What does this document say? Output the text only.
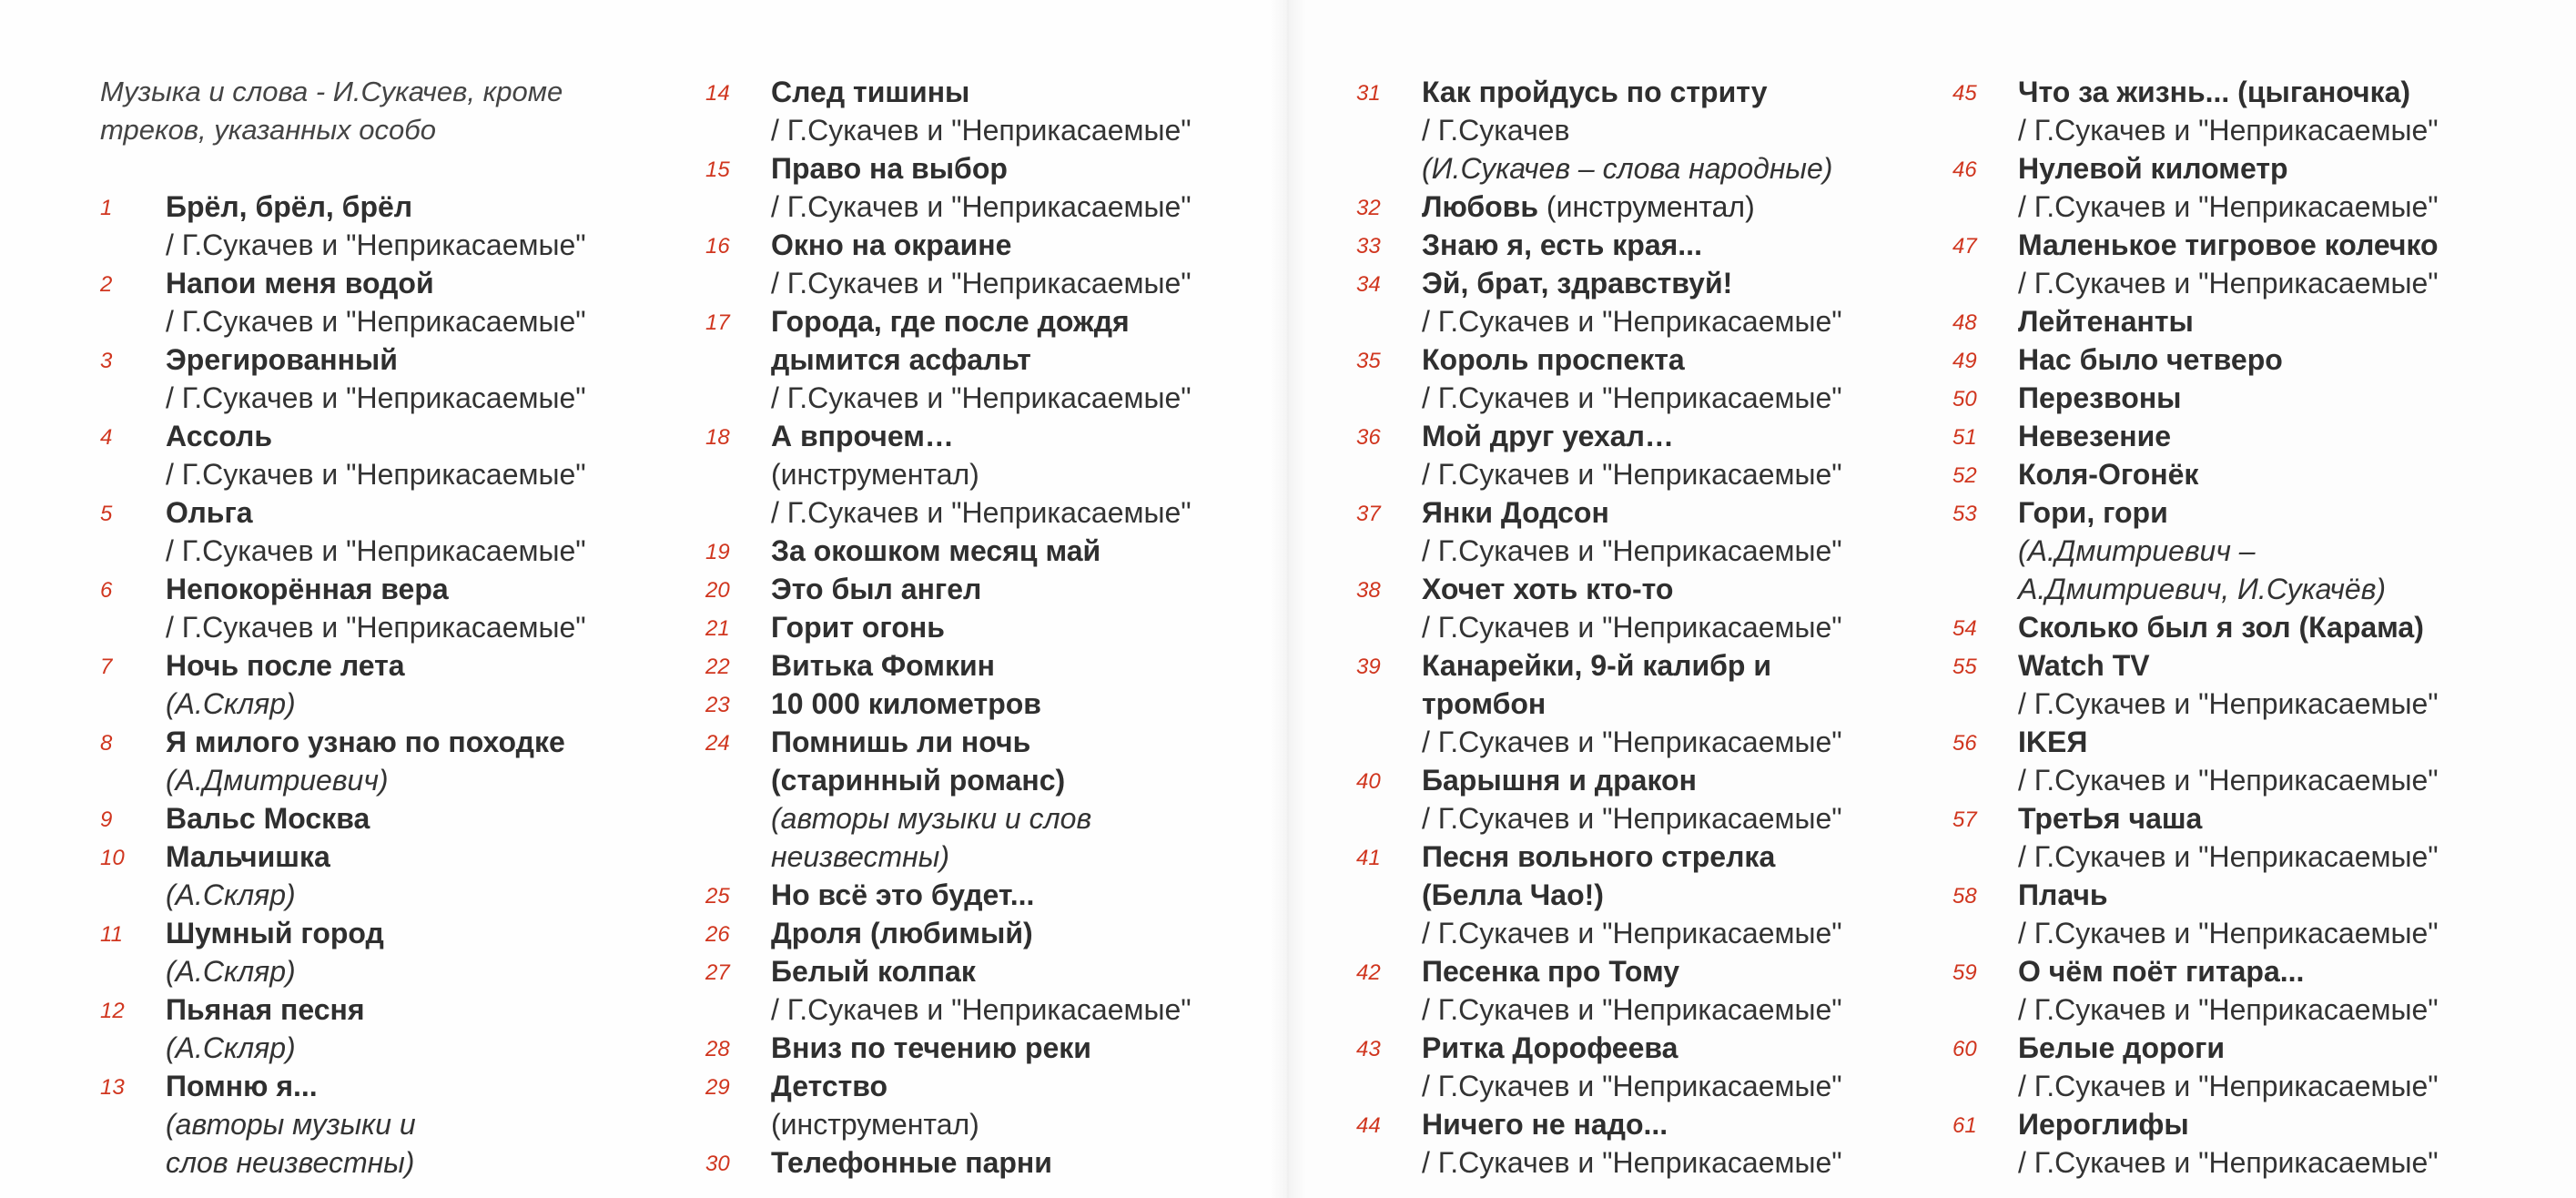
Музыка и слова - И.Сукачев, кроме треков, указанных особо
1 Брёл, брёл, брёл
/ Г.Сукачев и "Неприкасаемые"
2 Напои меня водой
/ Г.Сукачев и "Неприкасаемые"
3 Эрегированный
/ Г.Сукачев и "Неприкасаемые"
4 Ассоль
/ Г.Сукачев и "Неприкасаемые"
5 Ольга
/ Г.Сукачев и "Неприкасаемые"
6 Непокорённая вера
/ Г.Сукачев и "Неприкасаемые"
7 Ночь после лета
(А.Скляр)
8 Я милого узнаю по походке
(А.Дмитриевич)
9 Вальс Москва
10 Мальчишка
(А.Скляр)
11 Шумный город
(А.Скляр)
12 Пьяная песня
(А.Скляр)
13 Помню я...
(авторы музыки и
слов неизвестны)
14 След тишины
/ Г.Сукачев и "Неприкасаемые"
15 Право на выбор
/ Г.Сукачев и "Неприкасаемые"
16 Окно на окраине
/ Г.Сукачев и "Неприкасаемые"
17 Города, где после дождя
дымится асфальт
/ Г.Сукачев и "Неприкасаемые"
18 А впрочем…
(инструментал)
/ Г.Сукачев и "Неприкасаемые"
19 За окошком месяц май
20 Это был ангел
21 Горит огонь
22 Витька Фомкин
23 10 000 километров
24 Помнишь ли ночь
(старинный романс)
(авторы музыки и слов
неизвестны)
25 Но всё это будет...
26 Дроля (любимый)
27 Белый колпак
/ Г.Сукачев и "Неприкасаемые"
28 Вниз по течению реки
29 Детство
(инструментал)
30 Телефонные парни
31 Как пройдусь по стриту
/ Г.Сукачев
(И.Сукачев – слова народные)
32 Любовь (инструментал)
33 Знаю я, есть края...
34 Эй, брат, здравствуй!
/ Г.Сукачев и "Неприкасаемые"
35 Король проспекта
/ Г.Сукачев и "Неприкасаемые"
36 Мой друг уехал…
/ Г.Сукачев и "Неприкасаемые"
37 Янки Додсон
/ Г.Сукачев и "Неприкасаемые"
38 Хочет хоть кто-то
/ Г.Сукачев и "Неприкасаемые"
39 Канарейки, 9-й калибр и
тромбон
/ Г.Сукачев и "Неприкасаемые"
40 Барышня и дракон
/ Г.Сукачев и "Неприкасаемые"
41 Песня вольного стрелка
(Белла Чао!)
/ Г.Сукачев и "Неприкасаемые"
42 Песенка про Тому
/ Г.Сукачев и "Неприкасаемые"
43 Ритка Дорофеева
/ Г.Сукачев и "Неприкасаемые"
44 Ничего не надо...
/ Г.Сукачев и "Неприкасаемые"
45 Что за жизнь... (цыганочка)
/ Г.Сукачев и "Неприкасаемые"
46 Нулевой километр
/ Г.Сукачев и "Неприкасаемые"
47 Маленькое тигровое колечко
/ Г.Сукачев и "Неприкасаемые"
48 Лейтенанты
49 Нас было четверо
50 Перезвоны
51 Невезение
52 Коля-Огонёк
53 Гори, гори
(А.Дмитриевич –
А.Дмитриевич, И.Сукачёв)
54 Сколько был я зол (Карама)
55 Watch TV
/ Г.Сукачев и "Неприкасаемые"
56 IKEЯ
/ Г.Сукачев и "Неприкасаемые"
57 ТретЬя чаша
/ Г.Сукачев и "Неприкасаемые"
58 Плачь
/ Г.Сукачев и "Неприкасаемые"
59 О чём поёт гитара...
/ Г.Сукачев и "Неприкасаемые"
60 Белые дороги
/ Г.Сукачев и "Неприкасаемые"
61 Иероглифы
/ Г.Сукачев и "Неприкасаемые"
